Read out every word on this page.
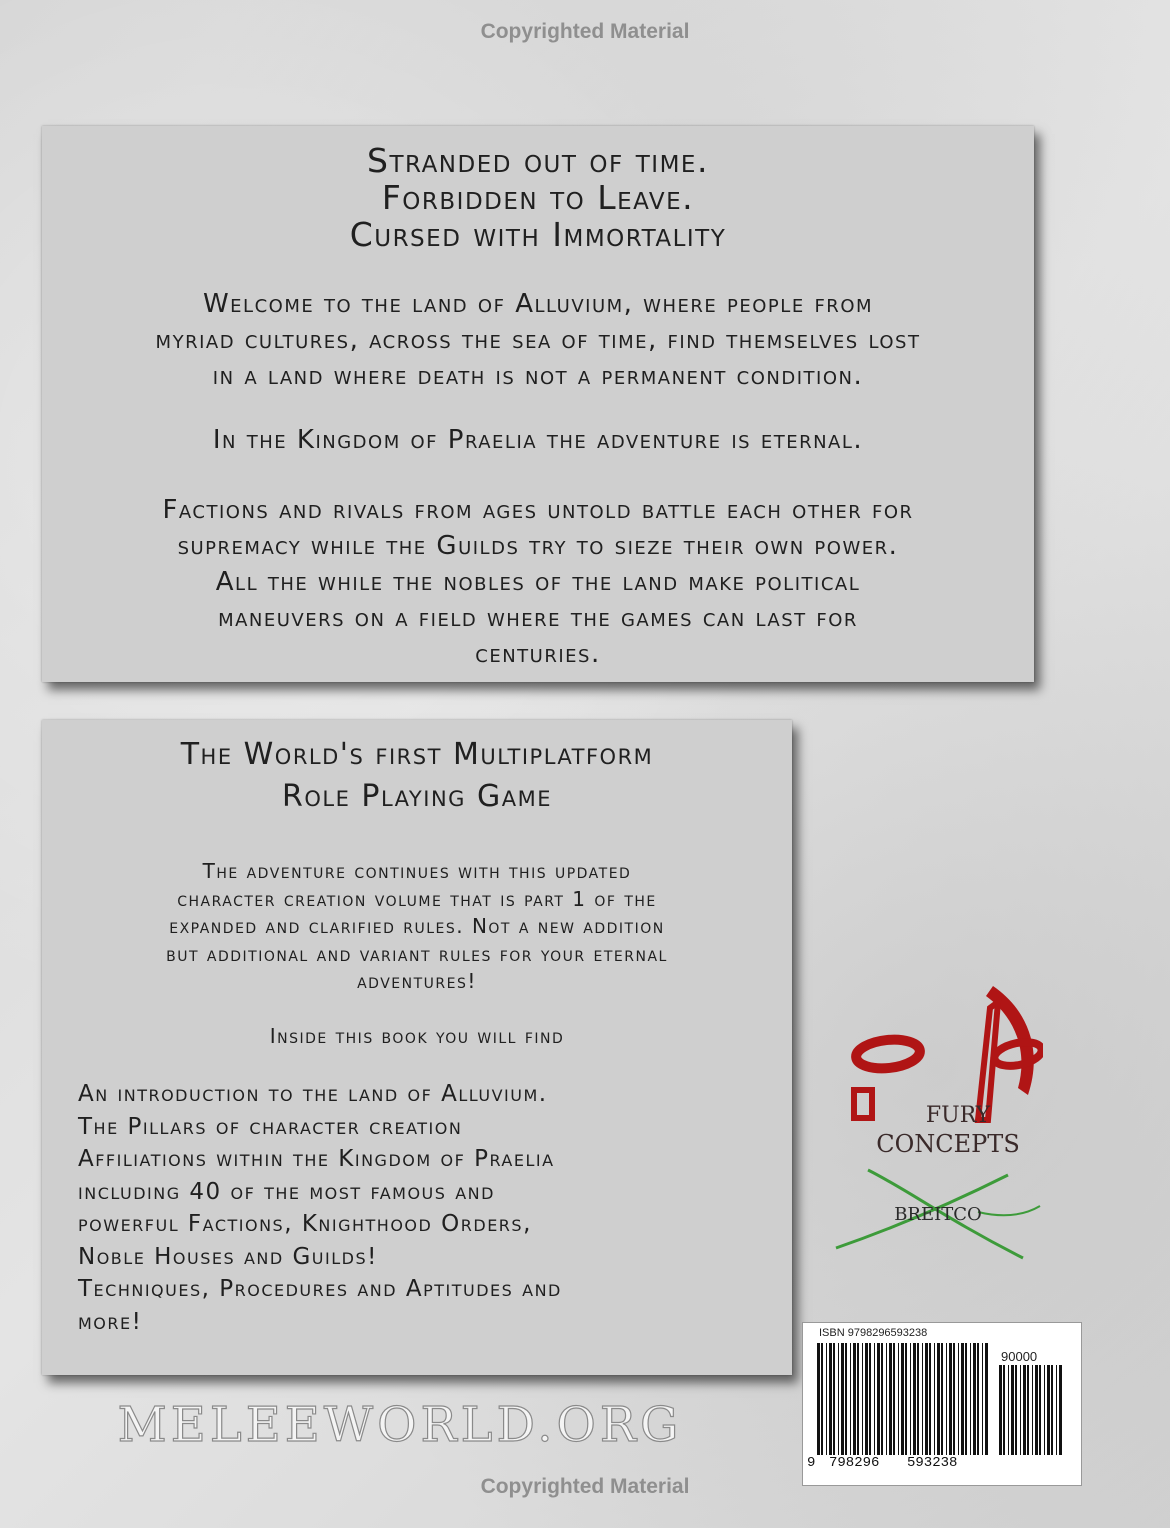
Copyrighted Material
Stranded out of time.
Forbidden to Leave.
Cursed with Immortality
Welcome to the land of Alluvium, where people from
myriad cultures, across the sea of time, find themselves lost
in a land where death is not a permanent condition.
In the Kingdom of Praelia the adventure is eternal.
Factions and rivals from ages untold battle each other for
supremacy while the Guilds try to sieze their own power.
All the while the nobles of the land make political
maneuvers on a field where the games can last for
centuries.
The World's first Multiplatform
Role Playing Game
The adventure continues with this updated
character creation volume that is part 1 of the
expanded and clarified rules. Not a new addition
but additional and variant rules for your eternal
adventures!
Inside this book you will find
An introduction to the land of Alluvium.
The Pillars of character creation
Affiliations within the Kingdom of Praelia
including 40 of the most famous and
powerful Factions, Knighthood Orders,
Noble Houses and Guilds!
Techniques, Procedures and Aptitudes and
more!
MELEEWORLD.ORG
FURY
CONCEPTS
BREITCO
ISBN 9798296593238
90000
9 798296 593238
Copyrighted Material
